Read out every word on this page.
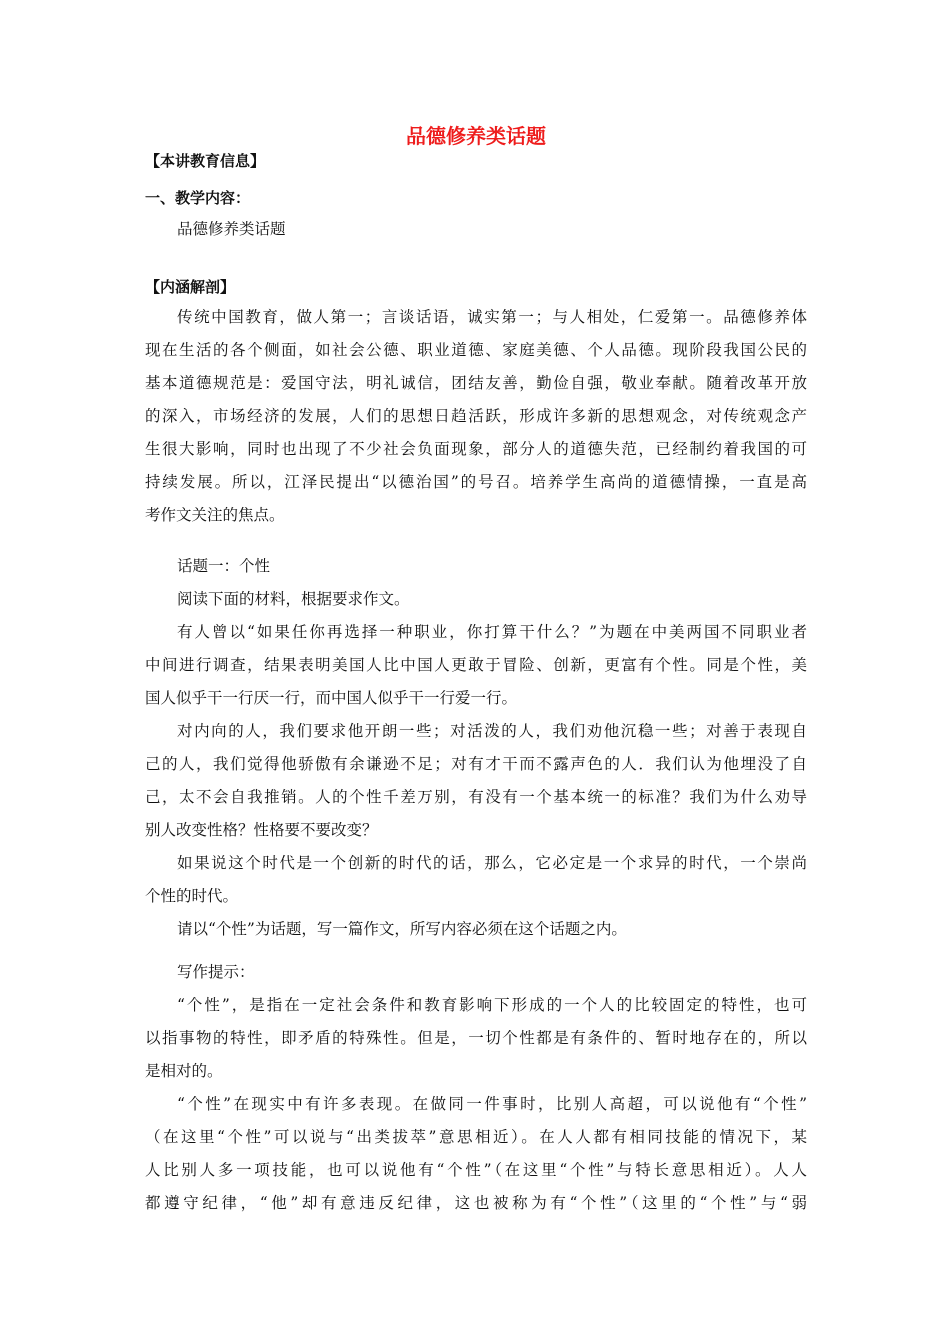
品德修养类话题
【本讲教育信息】
一、教学内容：
品德修养类话题
【内涵解剖】
传统中国教育，做人第一；言谈话语，诚实第一；与人相处，仁爱第一。品德修养体
现在生活的各个侧面，如社会公德、职业道德、家庭美德、个人品德。现阶段我国公民的
基本道德规范是：爱国守法，明礼诚信，团结友善，勤俭自强，敬业奉献。随着改革开放
的深入，市场经济的发展，人们的思想日趋活跃，形成许多新的思想观念，对传统观念产
生很大影响，同时也出现了不少社会负面现象，部分人的道德失范，已经制约着我国的可
持续发展。所以，江泽民提出“以德治国”的号召。培养学生高尚的道德情操，一直是高
考作文关注的焦点。
话题一：个性
阅读下面的材料，根据要求作文。
有人曾以“如果任你再选择一种职业，你打算干什么？”为题在中美两国不同职业者
中间进行调查，结果表明美国人比中国人更敢于冒险、创新，更富有个性。同是个性，美
国人似乎干一行厌一行，而中国人似乎干一行爱一行。
对内向的人，我们要求他开朗一些；对活泼的人，我们劝他沉稳一些；对善于表现自
己的人，我们觉得他骄傲有余谦逊不足；对有才干而不露声色的人．我们认为他埋没了自
己，太不会自我推销。人的个性千差万别，有没有一个基本统一的标准？我们为什么劝导
别人改变性格？性格要不要改变？
如果说这个时代是一个创新的时代的话，那么，它必定是一个求异的时代，一个崇尚
个性的时代。
请以“个性”为话题，写一篇作文，所写内容必须在这个话题之内。
写作提示：
“个性”，是指在一定社会条件和教育影响下形成的一个人的比较固定的特性，也可
以指事物的特性，即矛盾的特殊性。但是，一切个性都是有条件的、暂时地存在的，所以
是相对的。
“个性”在现实中有许多表现。在做同一件事时，比别人高超，可以说他有“个性”
（在这里“个性”可以说与“出类拔萃”意思相近）。在人人都有相同技能的情况下，某
人比别人多一项技能，也可以说他有“个性”（在这里“个性”与特长意思相近）。人人
都遵守纪律，“他”却有意违反纪律，这也被称为有“个性”（这里的“个性”与“弱
